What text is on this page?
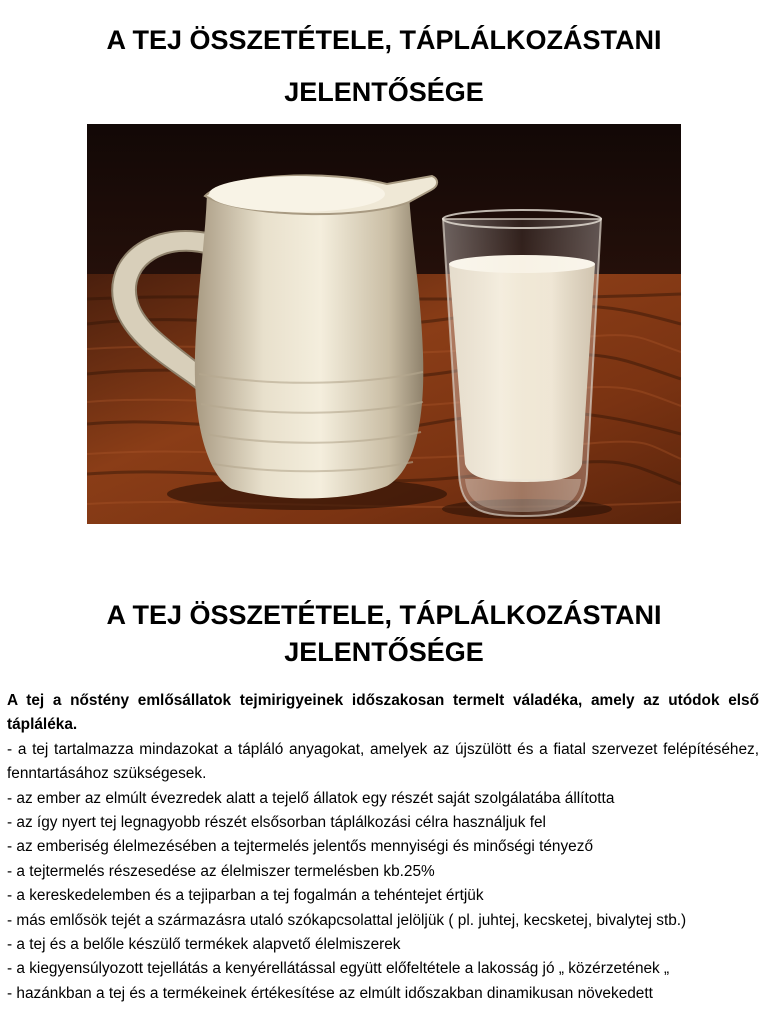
A TEJ ÖSSZETÉTELE, TÁPLÁLKOZÁSTANI
JELENTŐSÉGE
A TEJ ÖSSZETÉTELE, TÁPLÁLKOZÁSTANI
JELENTŐSÉGE

A tej a nőstény emlősállatok tejmirigyeinek időszakosan termelt váladéka, amely az utódok első tápláléka.

- a tej tartalmazza mindazokat a tápláló anyagokat, amelyek az újszülött és a fiatal szervezet felépítéséhez, fenntartásához szükségesek.

- az ember az elmúlt évezredek alatt a tejelő állatok egy részét saját szolgálatába állította

- az így nyert tej legnagyobb részét elsősorban táplálkozási célra használjuk fel

- az emberiség élelmezésében a tejtermelés jelentős mennyiségi és minőségi tényező

- a tejtermelés részesedése az élelmiszer termelésben kb.25%

- a kereskedelemben és a tejiparban a tej fogalmán a tehéntejet értjük

- más emlősök tejét a származásra utaló szókapcsolattal jelöljük ( pl. juhtej, kecsketej, bivalytej stb.)

- a tej és a belőle készülő termékek alapvető élelmiszerek

- a kiegyensúlyozott tejellátás a kenyérellátással együtt előfeltétele a lakosság jó „ közérzetének „

- hazánkban a tej és a termékeinek értékesítése az elmúlt időszakban dinamikusan növekedett
